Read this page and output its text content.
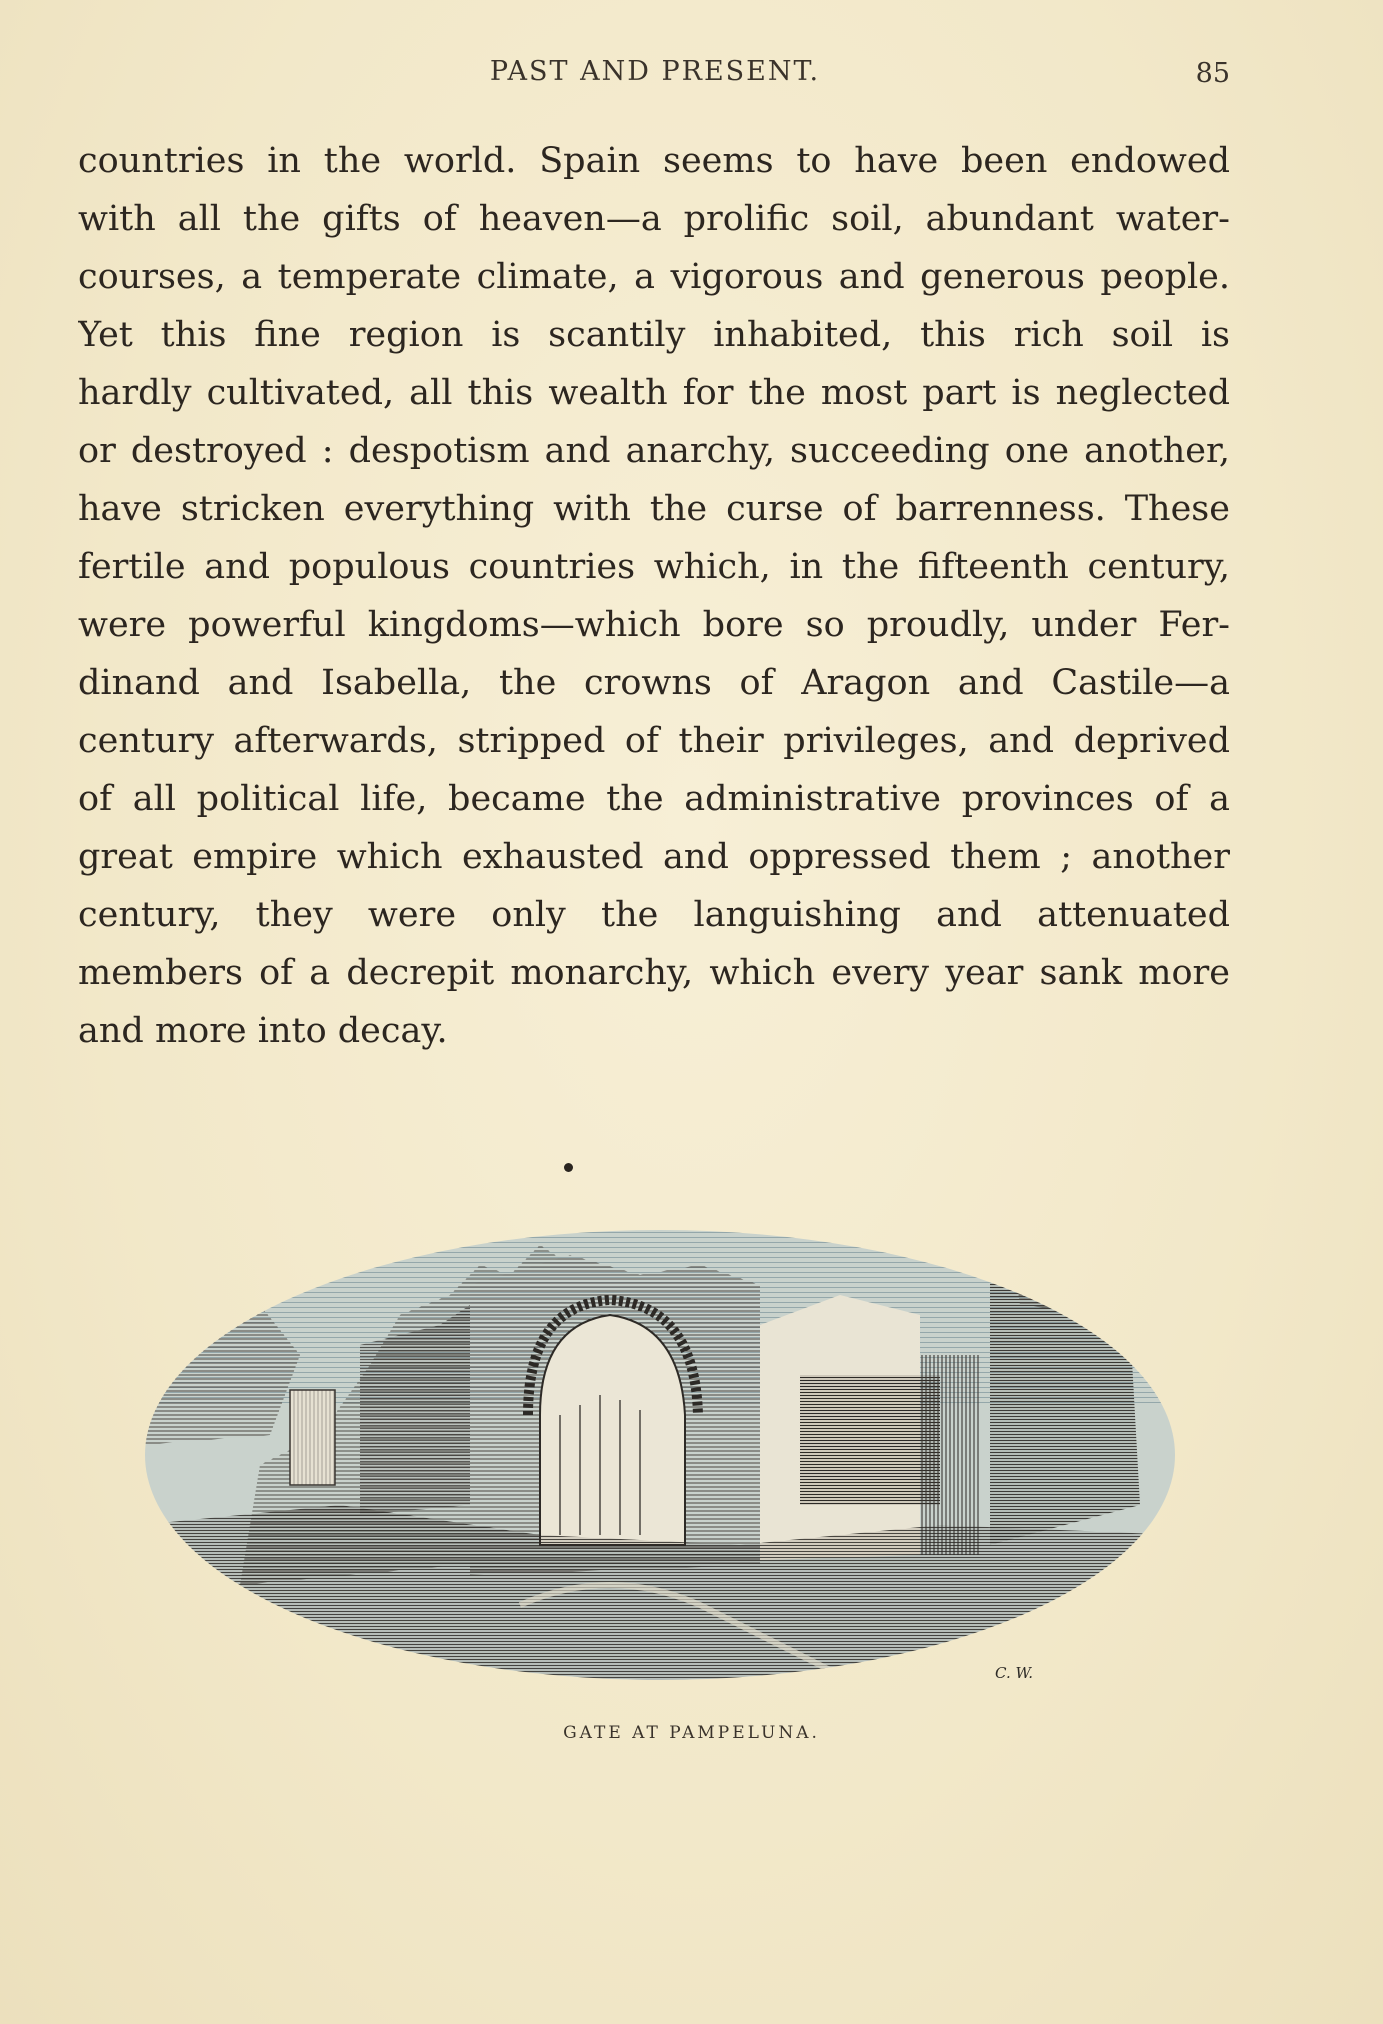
PAST AND PRESENT.	85
countries in the world. Spain seems to have been endowed
with all the gifts of heaven—a prolific soil, abundant water-
courses, a temperate climate, a vigorous and generous people.
Yet this fine region is scantily inhabited, this rich soil is
hardly cultivated, all this wealth for the most part is neglected
or destroyed : despotism and anarchy, succeeding one another,
have stricken everything with the curse of barrenness. These
fertile and populous countries which, in the fifteenth century,
were powerful kingdoms—which bore so proudly, under Fer-
dinand and Isabella, the crowns of Aragon and Castile—a
century afterwards, stripped of their privileges, and deprived
of all political life, became the administrative provinces of a
great empire which exhausted and oppressed them ; another
century, they were only the languishing and attenuated
members of a decrepit monarchy, which every year sank more
and more into decay.
C. W.
GATE AT PAMPELUNA.
